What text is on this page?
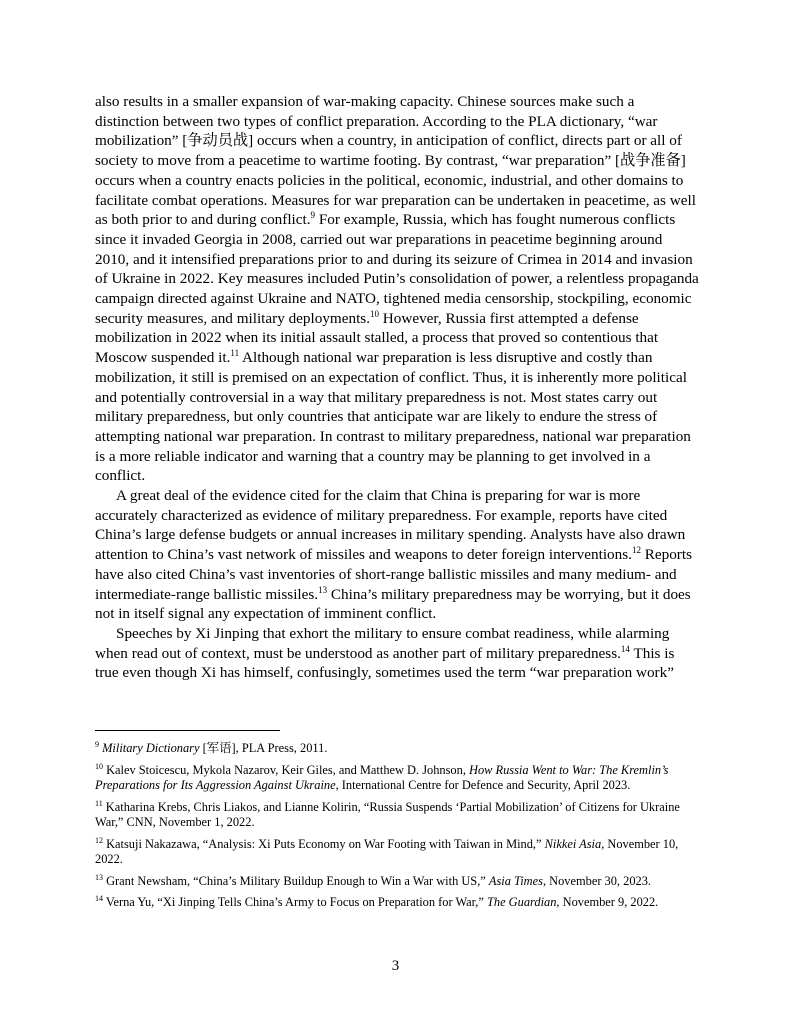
also results in a smaller expansion of war-making capacity. Chinese sources make such a distinction between two types of conflict preparation. According to the PLA dictionary, “war mobilization” [争动员战] occurs when a country, in anticipation of conflict, directs part or all of society to move from a peacetime to wartime footing. By contrast, “war preparation” [战争准备] occurs when a country enacts policies in the political, economic, industrial, and other domains to facilitate combat operations. Measures for war preparation can be undertaken in peacetime, as well as both prior to and during conflict.$^9$ For example, Russia, which has fought numerous conflicts since it invaded Georgia in 2008, carried out war preparations in peacetime beginning around 2010, and it intensified preparations prior to and during its seizure of Crimea in 2014 and invasion of Ukraine in 2022. Key measures included Putin’s consolidation of power, a relentless propaganda campaign directed against Ukraine and NATO, tightened media censorship, stockpiling, economic security measures, and military deployments.$^{10}$ However, Russia first attempted a defense mobilization in 2022 when its initial assault stalled, a process that proved so contentious that Moscow suspended it.$^{11}$ Although national war preparation is less disruptive and costly than mobilization, it still is premised on an expectation of conflict. Thus, it is inherently more political and potentially controversial in a way that military preparedness is not. Most states carry out military preparedness, but only countries that anticipate war are likely to endure the stress of attempting national war preparation. In contrast to military preparedness, national war preparation is a more reliable indicator and warning that a country may be planning to get involved in a conflict.

A great deal of the evidence cited for the claim that China is preparing for war is more accurately characterized as evidence of military preparedness. For example, reports have cited China’s large defense budgets or annual increases in military spending. Analysts have also drawn attention to China’s vast network of missiles and weapons to deter foreign interventions.$^{12}$ Reports have also cited China’s vast inventories of short-range ballistic missiles and many medium- and intermediate-range ballistic missiles.$^{13}$ China’s military preparedness may be worrying, but it does not in itself signal any expectation of imminent conflict.

Speeches by Xi Jinping that exhort the military to ensure combat readiness, while alarming when read out of context, must be understood as another part of military preparedness.$^{14}$ This is true even though Xi has himself, confusingly, sometimes used the term “war preparation work”

$^9$ Military Dictionary [军语], PLA Press, 2011.

$^{10}$ Kalev Stoicescu, Mykola Nazarov, Keir Giles, and Matthew D. Johnson, How Russia Went to War: The Kremlin’s Preparations for Its Aggression Against Ukraine, International Centre for Defence and Security, April 2023.

$^{11}$ Katharina Krebs, Chris Liakos, and Lianne Kolirin, “Russia Suspends ‘Partial Mobilization’ of Citizens for Ukraine War,” CNN, November 1, 2022.

$^{12}$ Katsuji Nakazawa, “Analysis: Xi Puts Economy on War Footing with Taiwan in Mind,” Nikkei Asia, November 10, 2022.

$^{13}$ Grant Newsham, “China’s Military Buildup Enough to Win a War with US,” Asia Times, November 30, 2023.

$^{14}$ Verna Yu, “Xi Jinping Tells China’s Army to Focus on Preparation for War,” The Guardian, November 9, 2022.

3
